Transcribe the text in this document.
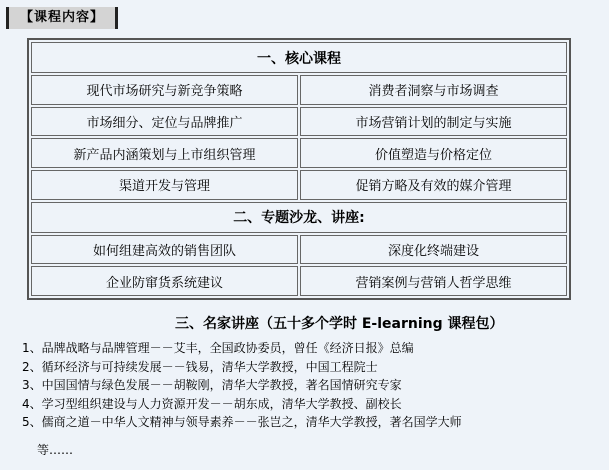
【课程内容】
一、核心课程	
现代市场研究与新竞争策略	消费者洞察与市场调查
市场细分、定位与品牌推广	市场营销计划的制定与实施
新产品内涵策划与上市组织管理	价值塑造与价格定位
渠道开发与管理	促销方略及有效的媒介管理
二、专题沙龙、讲座:	
如何组建高效的销售团队	深度化终端建设
企业防窜货系统建议	营销案例与营销人哲学思维
三、名家讲座（五十多个学时 E-learning 课程包）
1、品牌战略与品牌管理－－艾丰，全国政协委员，曾任《经济日报》总编
2、循环经济与可持续发展－－钱易，清华大学教授，中国工程院士
3、中国国情与绿色发展－－胡鞍刚，清华大学教授，著名国情研究专家
4、学习型组织建设与人力资源开发－－胡东成，清华大学教授、副校长
5、儒商之道－中华人文精神与领导素养－－张岂之，清华大学教授，著名国学大师
等……
